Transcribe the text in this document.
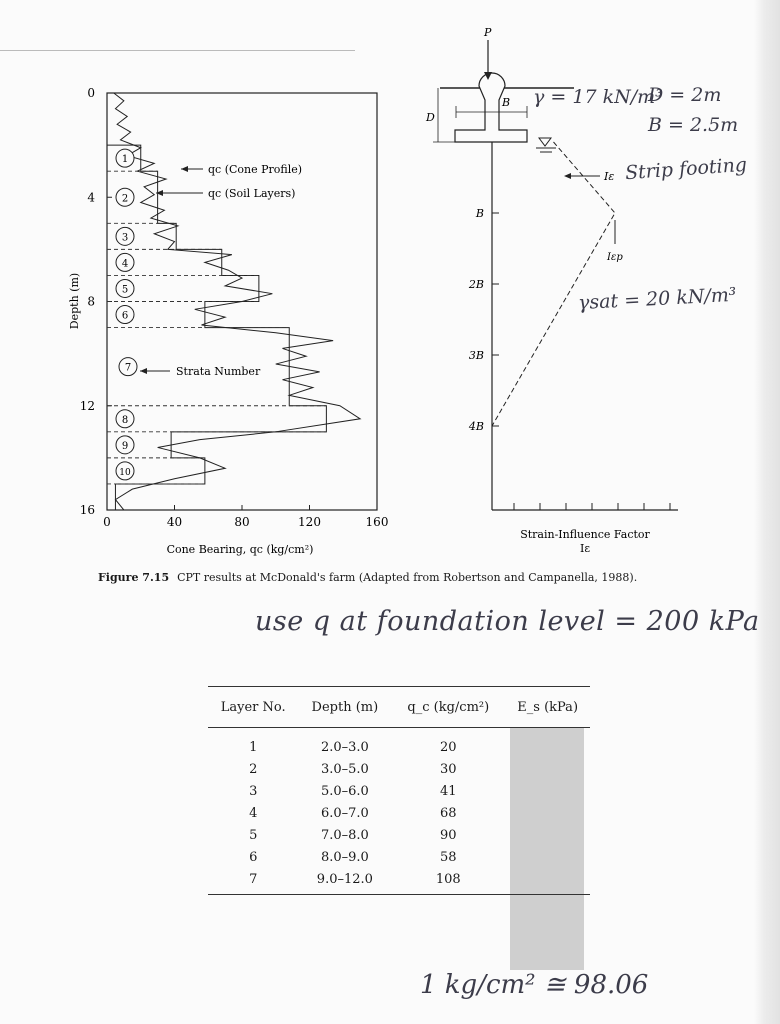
0	40	80	120	160
0
4
8
12
16
Cone Bearing, qc (kg/cm²)
Depth (m)
1
2
3
4
5
6
7
8
9
10
qc (Cone Profile)
qc (Soil Layers)
Strata Number
P
B
D
B
2B
3B
4B
Iε
Iεp
Strain-Influence Factor
Iε
γ = 17 kN/m³
D = 2m
B = 2.5m
Strip footing
γsat = 20 kN/m³
Figure 7.15 CPT results at McDonald's farm (Adapted from Robertson and Campanella, 1988).
use q at foundation level = 200 kPa
Layer No.	Depth (m)	q_c (kg/cm²)	E_s (kPa)
1	2.0–3.0	20	
2	3.0–5.0	30	
3	5.0–6.0	41	
4	6.0–7.0	68	
5	7.0–8.0	90	
6	8.0–9.0	58	
7	9.0–12.0	108	
1 kg/cm² ≅ 98.06
